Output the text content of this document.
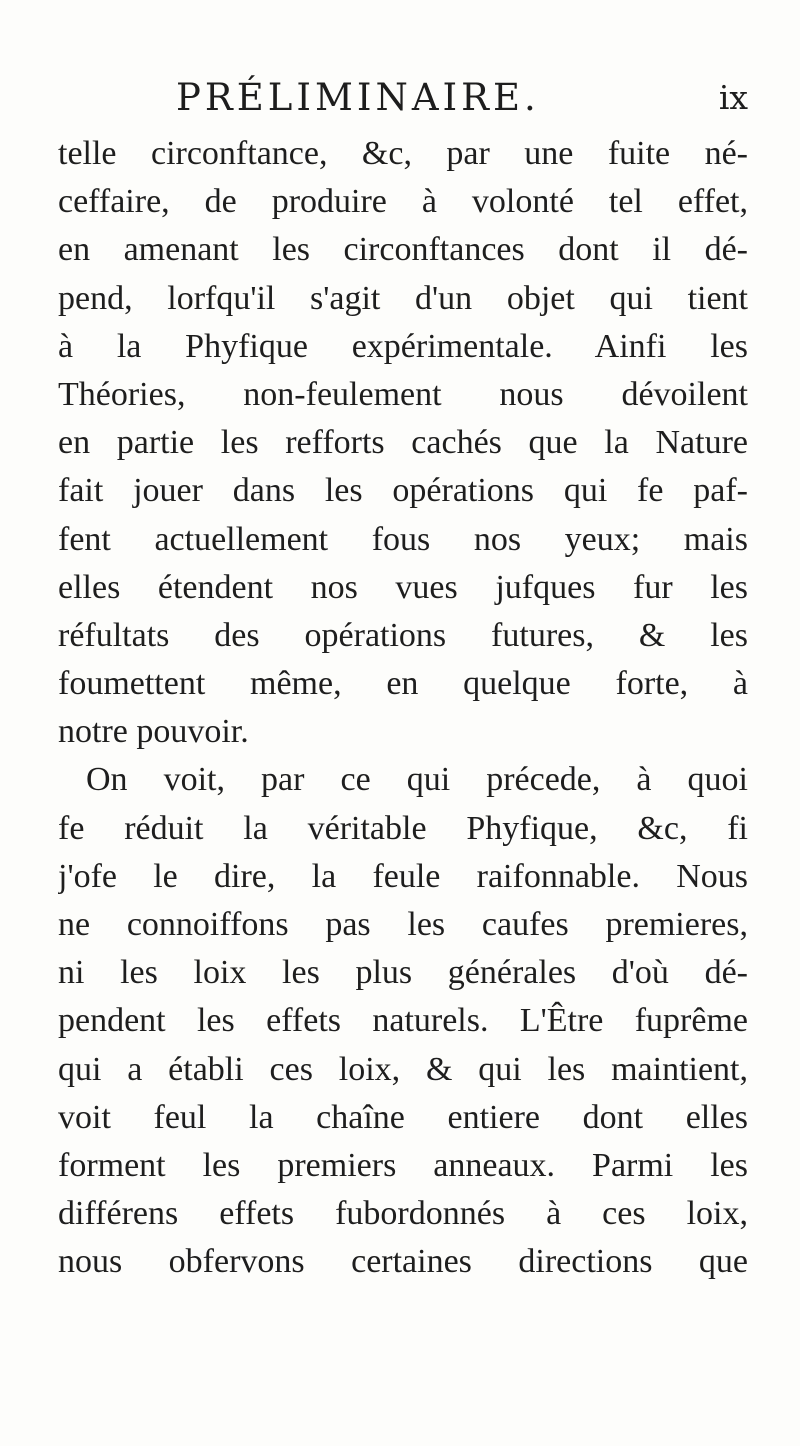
PRÉLIMINAIRE.	ix
telle circonftance, &c, par une fuite né-
ceffaire, de produire à volonté tel effet,
en amenant les circonftances dont il dé-
pend, lorfqu'il s'agit d'un objet qui tient
à la Phyfique expérimentale. Ainfi les
Théories, non-feulement nous dévoilent
en partie les refforts cachés que la Nature
fait jouer dans les opérations qui fe paf-
fent actuellement fous nos yeux; mais
elles étendent nos vues jufques fur les
réfultats des opérations futures, & les
foumettent même, en quelque forte, à
notre pouvoir.
On voit, par ce qui précede, à quoi
fe réduit la véritable Phyfique, &c, fi
j'ofe le dire, la feule raifonnable. Nous
ne connoiffons pas les caufes premieres,
ni les loix les plus générales d'où dé-
pendent les effets naturels. L'Être fuprême
qui a établi ces loix, & qui les maintient,
voit feul la chaîne entiere dont elles
forment les premiers anneaux. Parmi les
différens effets fubordonnés à ces loix,
nous obfervons certaines directions que
